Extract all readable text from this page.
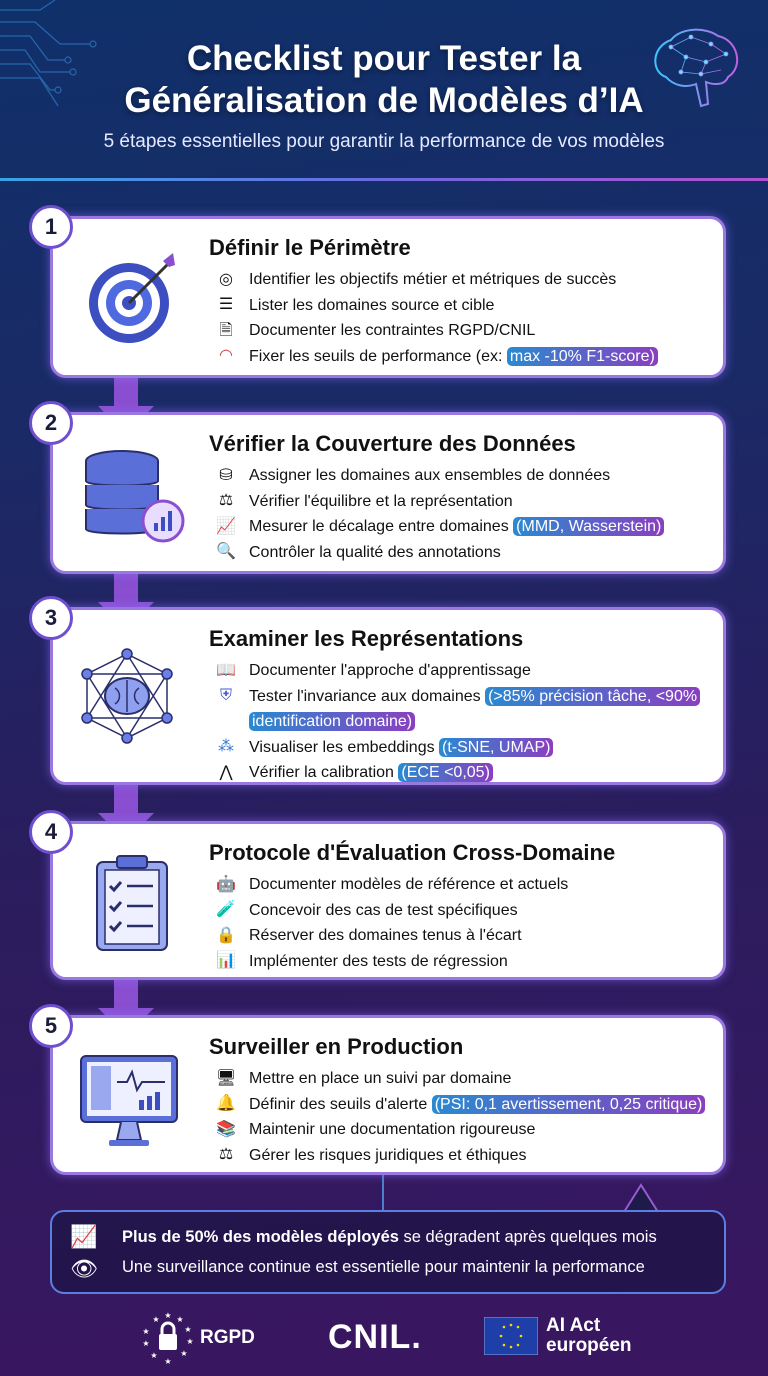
Checklist pour Tester la
Généralisation de Modèles d’IA
5 étapes essentielles pour garantir la performance de vos modèles
1
Définir le Périmètre
◎	Identifier les objectifs métier et métriques de succès
☰ Lister les domaines source et cible
🗎	Documenter les contraintes RGPD/CNIL
◠	Fixer les seuils de performance (ex: max -10% F1-score)
2
Vérifier la Couverture des Données
⛁	Assigner les domaines aux ensembles de données
⚖ Vérifier l'équilibre et la représentation
📈 Mesurer le décalage entre domaines (MMD, Wasserstein)
🔍 Contrôler la qualité des annotations
3
Examiner les Représentations
📖 Documenter l'approche d'apprentissage
⛨	Tester l'invariance aux domaines (>85% précision tâche, <90% identification domaine)
⁂ Visualiser les embeddings (t-SNE, UMAP)
⋀	Vérifier la calibration (ECE <0,05)
4
Protocole d'Évaluation Cross-Domaine
🤖 Documenter modèles de référence et actuels
🧪 Concevoir des cas de test spécifiques
🔒 Réserver des domaines tenus à l'écart
📊 Implémenter des tests de régression
5
Surveiller en Production
🖥 Mettre en place un suivi par domaine
🔔 Définir des seuils d'alerte (PSI: 0,1 avertissement, 0,25 critique)
📚 Maintenir une documentation rigoureuse
⚖ Gérer les risques juridiques et éthiques
📈 Plus de 50% des modèles déployés se dégradent après quelques mois
👁 Une surveillance continue est essentielle pour maintenir la performance
★ ★
★
★
★
★
★
★
★
★
RGPD CNIL.	AI Act
européen
